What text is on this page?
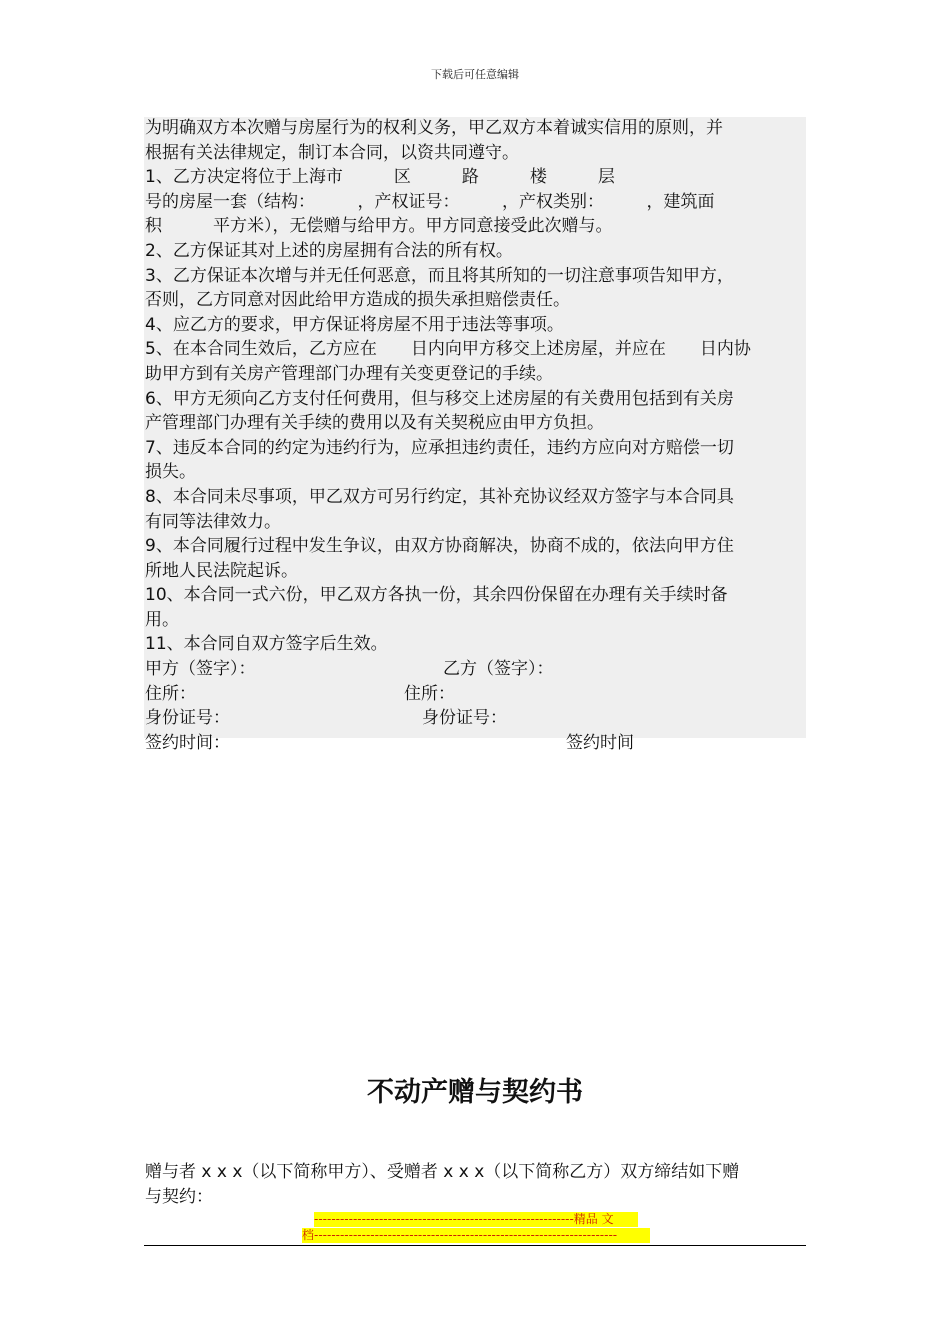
下载后可任意编辑
为明确双方本次赠与房屋行为的权利义务，甲乙双方本着诚实信用的原则，并
根据有关法律规定，制订本合同，以资共同遵守。
1、乙方决定将位于上海市　　　区　　　路　　　楼　　　层
号的房屋一套（结构：　　　，产权证号：　　　，产权类别：　　　，建筑面
积　　　平方米），无偿赠与给甲方。甲方同意接受此次赠与。
2、乙方保证其对上述的房屋拥有合法的所有权。
3、乙方保证本次增与并无任何恶意，而且将其所知的一切注意事项告知甲方，
否则，乙方同意对因此给甲方造成的损失承担赔偿责任。
4、应乙方的要求，甲方保证将房屋不用于违法等事项。
5、在本合同生效后，乙方应在　　日内向甲方移交上述房屋，并应在　　日内协
助甲方到有关房产管理部门办理有关变更登记的手续。
6、甲方无须向乙方支付任何费用，但与移交上述房屋的有关费用包括到有关房
产管理部门办理有关手续的费用以及有关契税应由甲方负担。
7、违反本合同的约定为违约行为，应承担违约责任，违约方应向对方赔偿一切
损失。
8、本合同未尽事项，甲乙双方可另行约定，其补充协议经双方签字与本合同具
有同等法律效力。
9、本合同履行过程中发生争议，由双方协商解决，协商不成的，依法向甲方住
所地人民法院起诉。
10、本合同一式六份，甲乙双方各执一份，其余四份保留在办理有关手续时备
用。
11、本合同自双方签字后生效。
甲方（签字）：	乙方（签字）：
住所：	住所：
身份证号：	身份证号：
签约时间：	签约时间
不动产赠与契约书
赠与者 x x x（以下简称甲方）、受赠者 x x x（以下简称乙方）双方缔结如下赠
与契约：
------------------------------------------------------------精品 文
档----------------------------------------------------------------------
